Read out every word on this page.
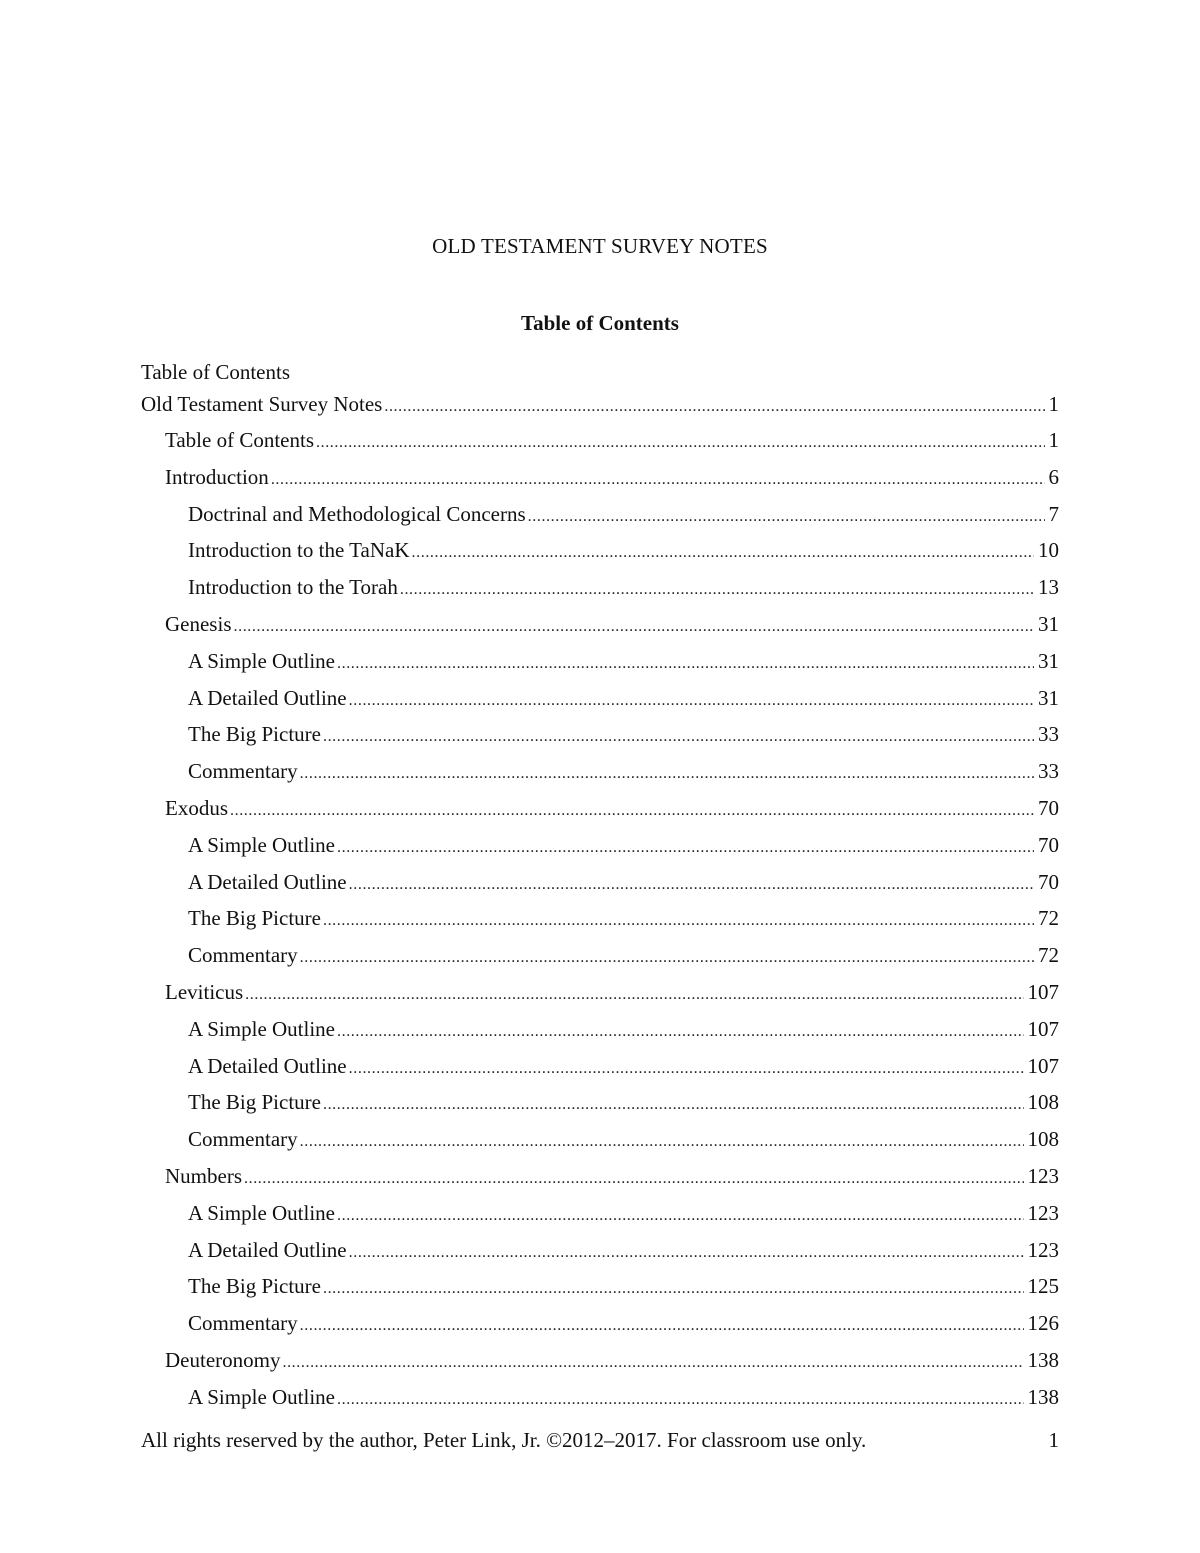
OLD TESTAMENT SURVEY NOTES
Table of Contents
Table of Contents
Old Testament Survey Notes .....	1
Table of Contents .....	1
Introduction .....	6
Doctrinal and Methodological Concerns .....	7
Introduction to the TaNaK .....	10
Introduction to the Torah .....	13
Genesis .....	31
A Simple Outline .....	31
A Detailed Outline .....	31
The Big Picture .....	33
Commentary .....	33
Exodus .....	70
A Simple Outline .....	70
A Detailed Outline .....	70
The Big Picture .....	72
Commentary .....	72
Leviticus .....	107
A Simple Outline .....	107
A Detailed Outline .....	107
The Big Picture .....	108
Commentary .....	108
Numbers .....	123
A Simple Outline .....	123
A Detailed Outline .....	123
The Big Picture .....	125
Commentary .....	126
Deuteronomy .....	138
A Simple Outline .....	138
All rights reserved by the author, Peter Link, Jr. ©2012–2017. For classroom use only.	1
